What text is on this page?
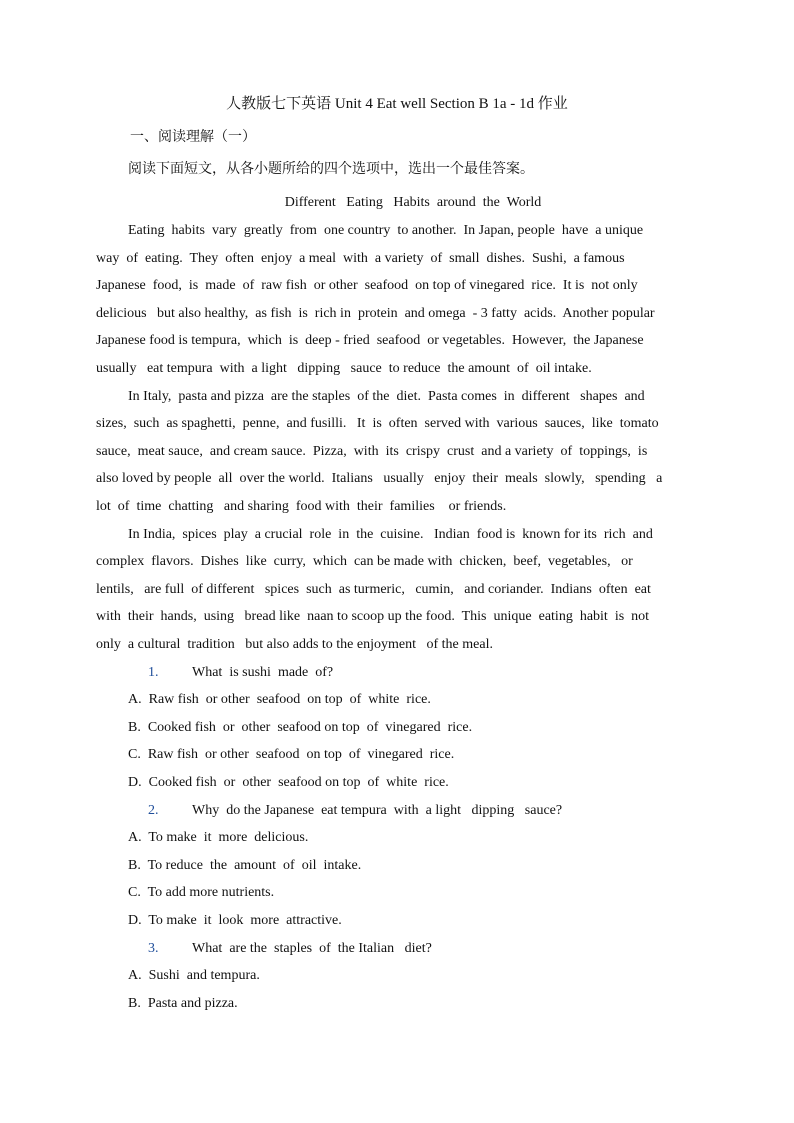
人教版七下英语 Unit 4 Eat well Section B 1a - 1d 作业
一、阅读理解（一）
阅读下面短文，从各小题所给的四个选项中，选出一个最佳答案。
Different   Eating   Habits  around  the  World
Eating  habits  vary  greatly  from  one country  to another.  In Japan, people  have  a unique
way  of  eating.  They  often  enjoy  a meal  with  a variety  of  small  dishes.  Sushi,  a famous
Japanese  food,  is  made  of  raw fish  or other  seafood  on top of vinegared  rice.  It is  not only
delicious   but also healthy,  as fish  is  rich in  protein  and omega  - 3 fatty  acids.  Another popular
Japanese food is tempura,  which  is  deep - fried  seafood  or vegetables.  However,  the Japanese
usually   eat tempura  with  a light   dipping   sauce  to reduce  the amount  of  oil intake.
In Italy,  pasta and pizza  are the staples  of the  diet.  Pasta comes  in  different   shapes  and
sizes,  such  as spaghetti,  penne,  and fusilli.   It  is  often  served with  various  sauces,  like  tomato
sauce,  meat sauce,  and cream sauce.  Pizza,  with  its  crispy  crust  and a variety  of  toppings,  is
also loved by people  all  over the world.  Italians   usually   enjoy  their  meals  slowly,   spending   a
lot  of  time  chatting   and sharing  food with  their  families    or friends.
In India,  spices  play  a crucial  role  in  the  cuisine.   Indian  food is  known for its  rich  and
complex  flavors.  Dishes  like  curry,  which  can be made with  chicken,  beef,  vegetables,   or
lentils,   are full  of different   spices  such  as turmeric,   cumin,   and coriander.  Indians  often  eat
with  their  hands,  using   bread like  naan to scoop up the food.  This  unique  eating  habit  is  not
only  a cultural  tradition   but also adds to the enjoyment   of the meal.
1. What  is sushi  made  of?
A.  Raw fish  or other  seafood  on top  of  white  rice.
B.  Cooked fish  or  other  seafood on top  of  vinegared  rice.
C.  Raw fish  or other  seafood  on top  of  vinegared  rice.
D.  Cooked fish  or  other  seafood on top  of  white  rice.
2. Why  do the Japanese  eat tempura  with  a light   dipping   sauce?
A.  To make  it  more  delicious.
B.  To reduce  the  amount  of  oil  intake.
C.  To add more nutrients.
D.  To make  it  look  more  attractive.
3. What  are the  staples  of  the Italian   diet?
A.  Sushi  and tempura.
B.  Pasta and pizza.
